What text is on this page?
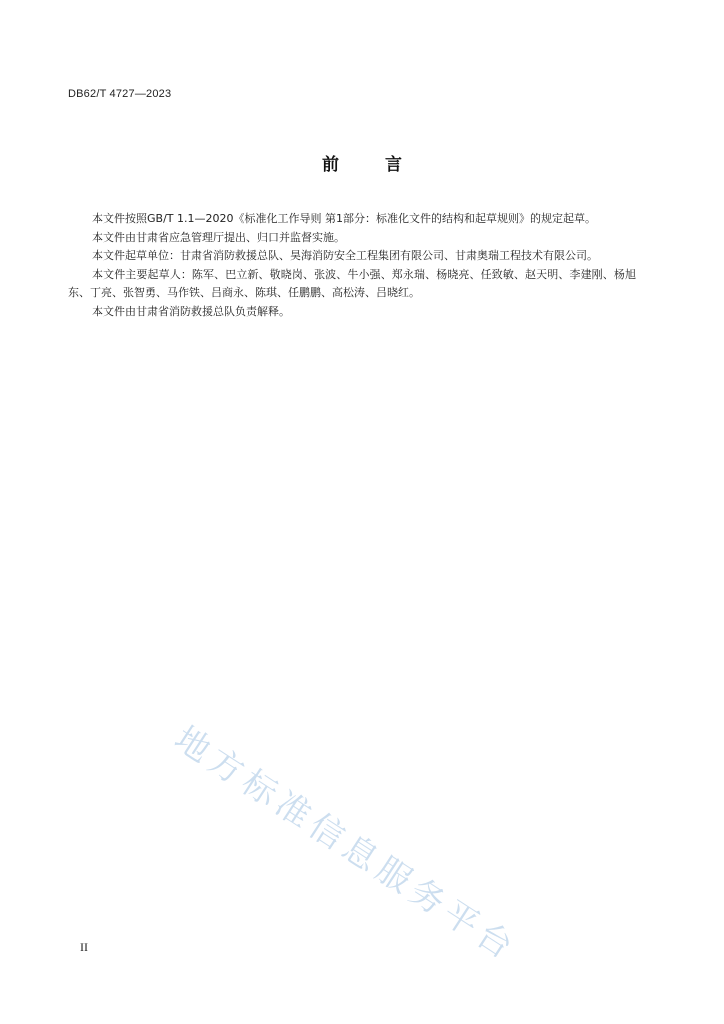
DB62/T 4727—2023
前言

本文件按照GB/T 1.1—2020《标准化工作导则 第1部分：标准化文件的结构和起草规则》的规定起草。

本文件由甘肃省应急管理厅提出、归口并监督实施。

本文件起草单位：甘肃省消防救援总队、昊海消防安全工程集团有限公司、甘肃奥瑞工程技术有限公司。

本文件主要起草人：陈军、巴立新、敬晓岗、张波、牛小强、郑永瑞、杨晓亮、任致敏、赵天明、李建刚、杨旭东、丁亮、张智勇、马作铁、吕商永、陈琪、任鹏鹏、高松涛、吕晓红。

本文件由甘肃省消防救援总队负责解释。

地方标准信息服务平台
II
